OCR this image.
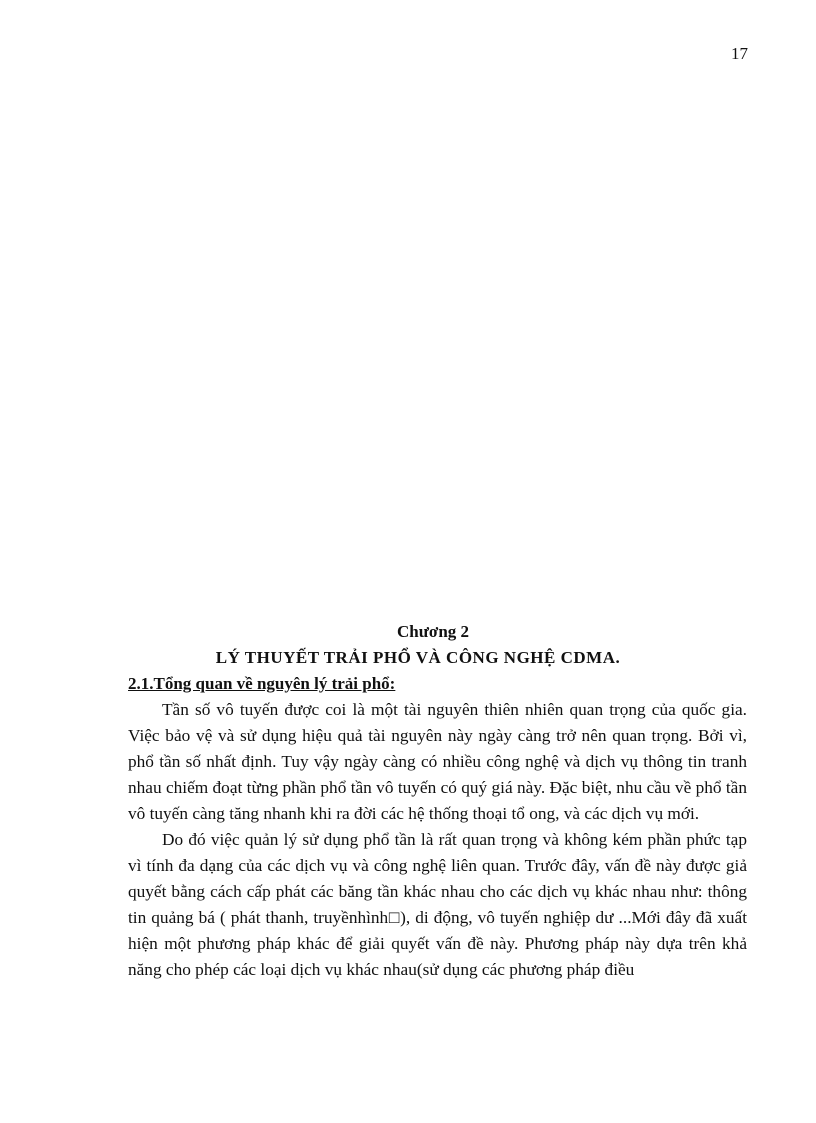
17
Chương 2
LÝ THUYẾT TRẢI PHỔ VÀ CÔNG NGHỆ CDMA.
2.1.Tổng quan về nguyên lý trải phổ:

Tần số vô tuyến được coi là một tài nguyên thiên nhiên quan trọng của quốc gia. Việc bảo vệ và sử dụng hiệu quả tài nguyên này ngày càng trở nên quan trọng. Bởi vì, phổ tần số nhất định. Tuy vậy ngày càng có nhiều công nghệ và dịch vụ thông tin tranh nhau chiếm đoạt từng phần phổ tần vô tuyến có quý giá này. Đặc biệt, nhu cầu về phổ tần vô tuyến càng tăng nhanh khi ra đời các hệ thống thoại tổ ong, và các dịch vụ mới.

Do đó việc quản lý sử dụng phổ tần là rất quan trọng và không kém phần phức tạp vì tính đa dạng của các dịch vụ và công nghệ liên quan. Trước đây, vấn đề này được giả quyết bằng cách cấp phát các băng tần khác nhau cho các dịch vụ khác nhau như: thông tin quảng bá ( phát thanh, truyềnhình□), di động, vô tuyến nghiệp dư ...Mới đây đã xuất hiện một phương pháp khác để giải quyết vấn đề này. Phương pháp này dựa trên khả năng cho phép các loại dịch vụ khác nhau(sử dụng các phương pháp điều
